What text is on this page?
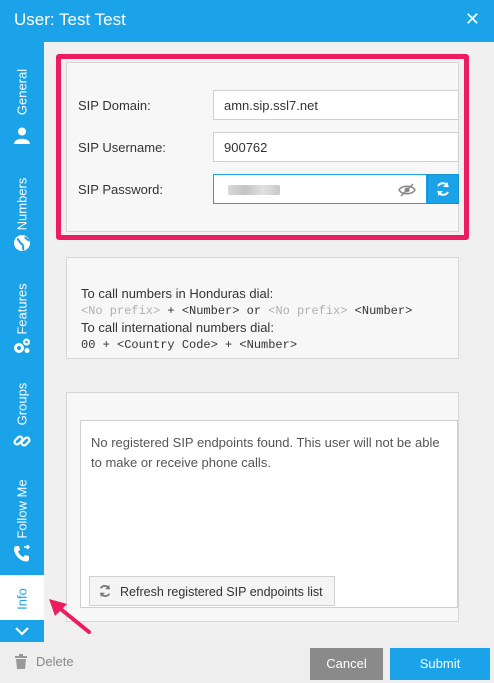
User: Test Test	✕
General
Numbers
Features
Groups
Follow Me
Info
SIP Domain:	amn.sip.ssl7.net
SIP Username:	900762
SIP Password:
To call numbers in Honduras dial:
<No prefix> + <Number> or <No prefix> <Number>
To call international numbers dial:
00 + <Country Code> + <Number>
No registered SIP endpoints found. This user will not be able to make or receive phone calls.
Refresh registered SIP endpoints list
Delete	Cancel	Submit
